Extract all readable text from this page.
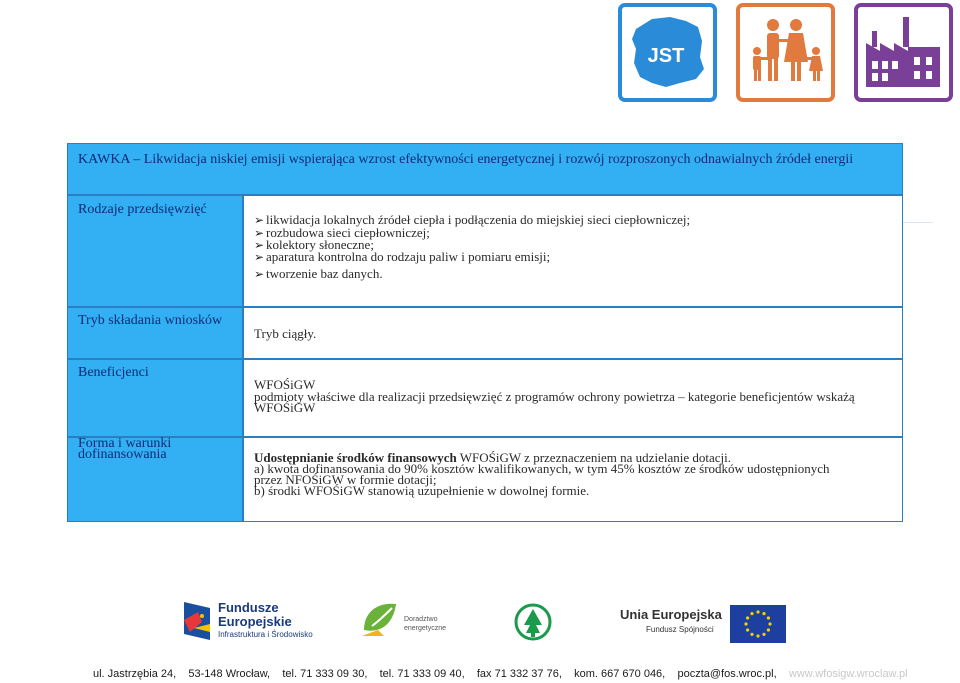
JST
KAWKA – Likwidacja niskiej emisji wspierająca wzrost efektywności energetycznej i rozwój rozproszonych odnawialnych źródeł energii
Rodzaje przedsięwzięć
➢ likwidacja lokalnych źródeł ciepła i podłączenia do miejskiej sieci ciepłowniczej;
➢ rozbudowa sieci ciepłowniczej;
➢ kolektory słoneczne;
➢ aparatura kontrolna do rodzaju paliw i pomiaru emisji;
➢ tworzenie baz danych.
Tryb składania wniosków
Tryb ciągły.
Beneficjenci
WFOŚiGW
podmioty właściwe dla realizacji przedsięwzięć z programów ochrony powietrza – kategorie beneficjentów wskażą
WFOŚiGW
Forma i warunki
dofinansowania	Udostępnianie środków finansowych WFOŚiGW z przeznaczeniem na udzielanie dotacji.
a) kwota dofinansowania do 90% kosztów kwalifikowanych, w tym 45% kosztów ze środków udostępnionych
przez NFOŚiGW w formie dotacji;
b) środki WFOŚiGW stanowią uzupełnienie w dowolnej formie.
Fundusze
Europejskie
Infrastruktura i Środowisko
Doradztwo
energetyczne
Unia Europejska
Fundusz Spójności
ul. Jastrzębia 24, 53-148 Wrocław, tel. 71 333 09 30, tel. 71 333 09 40, fax 71 332 37 76, kom. 667 670 046, poczta@fos.wroc.pl, www.wfosigw.wroclaw.pl
